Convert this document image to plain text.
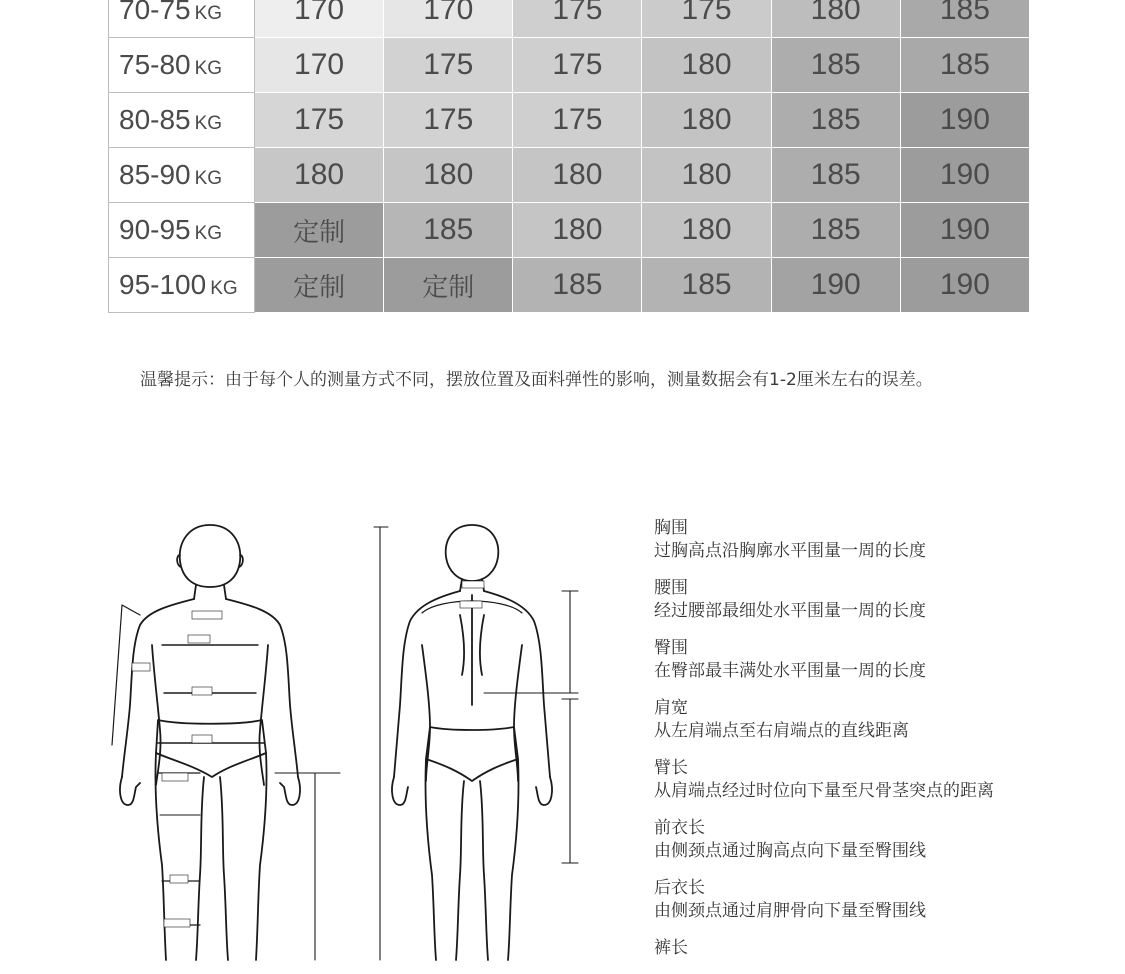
70-75 KG	170	170	175	175	180	185
75-80 KG	170	175	175	180	185	185
80-85 KG	175	175	175	180	185	190
85-90 KG	180	180	180	180	185	190
90-95 KG	定制	185	180	180	185	190
95-100 KG	定制	定制	185	185	190	190
温馨提示：由于每个人的测量方式不同，摆放位置及面料弹性的影响，测量数据会有1-2厘米左右的误差。
胸围
过胸高点沿胸廓水平围量一周的长度
腰围
经过腰部最细处水平围量一周的长度
臀围
在臀部最丰满处水平围量一周的长度
肩宽
从左肩端点至右肩端点的直线距离
臂长
从肩端点经过时位向下量至尺骨茎突点的距离
前衣长
由侧颈点通过胸高点向下量至臀围线
后衣长
由侧颈点通过肩胛骨向下量至臀围线
裤长
